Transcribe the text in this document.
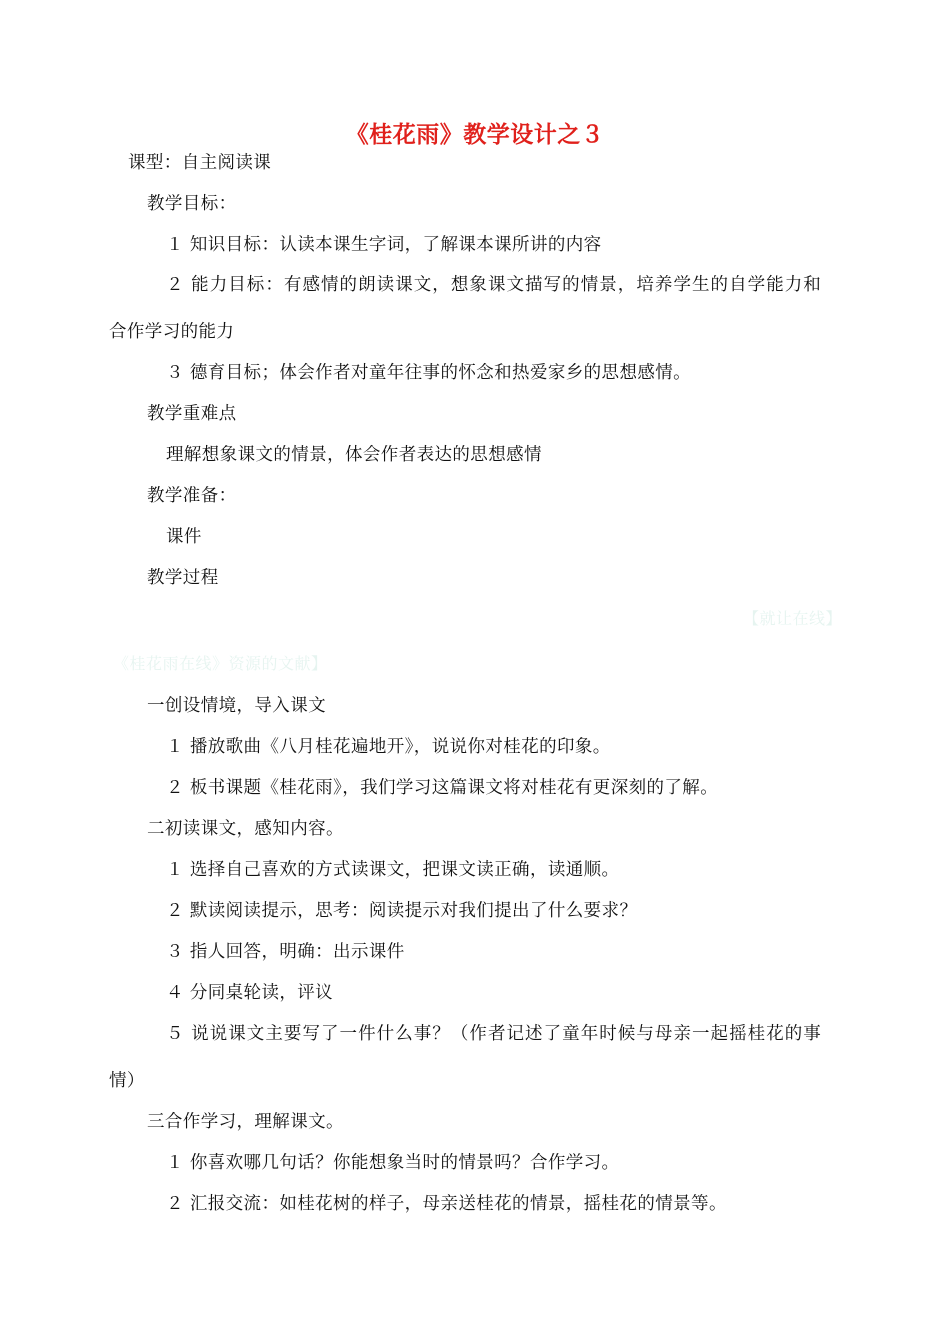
《桂花雨》教学设计之３
课型：自主阅读课
教学目标：
１ 知识目标：认读本课生字词，了解课本课所讲的内容
２ 能力目标：有感情的朗读课文，想象课文描写的情景，培养学生的自学能力和
合作学习的能力
３ 德育目标；体会作者对童年往事的怀念和热爱家乡的思想感情。
教学重难点
理解想象课文的情景，体会作者表达的思想感情
教学准备：
课件
教学过程
【就让在线】
《桂花雨在线》资源的文献】
一创设情境，导入课文
１ 播放歌曲《八月桂花遍地开》，说说你对桂花的印象。
２ 板书课题《桂花雨》，我们学习这篇课文将对桂花有更深刻的了解。
二初读课文，感知内容。
１ 选择自己喜欢的方式读课文，把课文读正确，读通顺。
２ 默读阅读提示，思考：阅读提示对我们提出了什么要求？
３ 指人回答，明确：出示课件
４ 分同桌轮读，评议
５ 说说课文主要写了一件什么事？（作者记述了童年时候与母亲一起摇桂花的事
情）
三合作学习，理解课文。
１ 你喜欢哪几句话？你能想象当时的情景吗？合作学习。
２ 汇报交流：如桂花树的样子，母亲送桂花的情景，摇桂花的情景等。
